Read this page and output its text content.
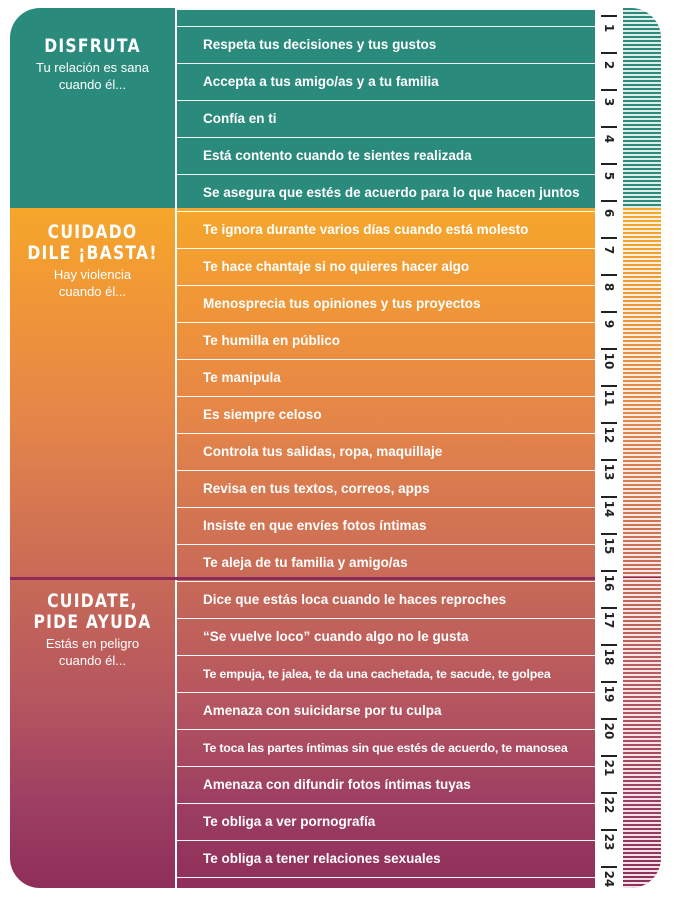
DISFRUTA
Tu relación es sana
cuando él...
CUIDADO
DILE ¡BASTA!
Hay violencia
cuando él...
CUIDATE,
PIDE AYUDA
Estás en peligro
cuando él...
Respeta tus decisiones y tus gustos
Accepta a tus amigo/as y a tu familia
Confía en ti
Está contento cuando te sientes realizada
Se asegura que estés de acuerdo para lo que hacen juntos
Te ignora durante varios días cuando está molesto
Te hace chantaje si no quieres hacer algo
Menosprecia tus opiniones y tus proyectos
Te humilla en público
Te manipula
Es siempre celoso
Controla tus salidas, ropa, maquillaje
Revisa en tus textos, correos, apps
Insiste en que envíes fotos íntimas
Te aleja de tu familia y amigo/as
Dice que estás loca cuando le haces reproches
“Se vuelve loco” cuando algo no le gusta
Te empuja, te jalea, te da una cachetada, te sacude, te golpea
Amenaza con suicidarse por tu culpa
Te toca las partes íntimas sin que estés de acuerdo, te manosea
Amenaza con difundir fotos íntimas tuyas
Te obliga a ver pornografía
Te obliga a tener relaciones sexuales
1
2
3
4
5
6
7
8
9
10
11
12
13
14
15
16
17
18
19
20
21
22
23
24
